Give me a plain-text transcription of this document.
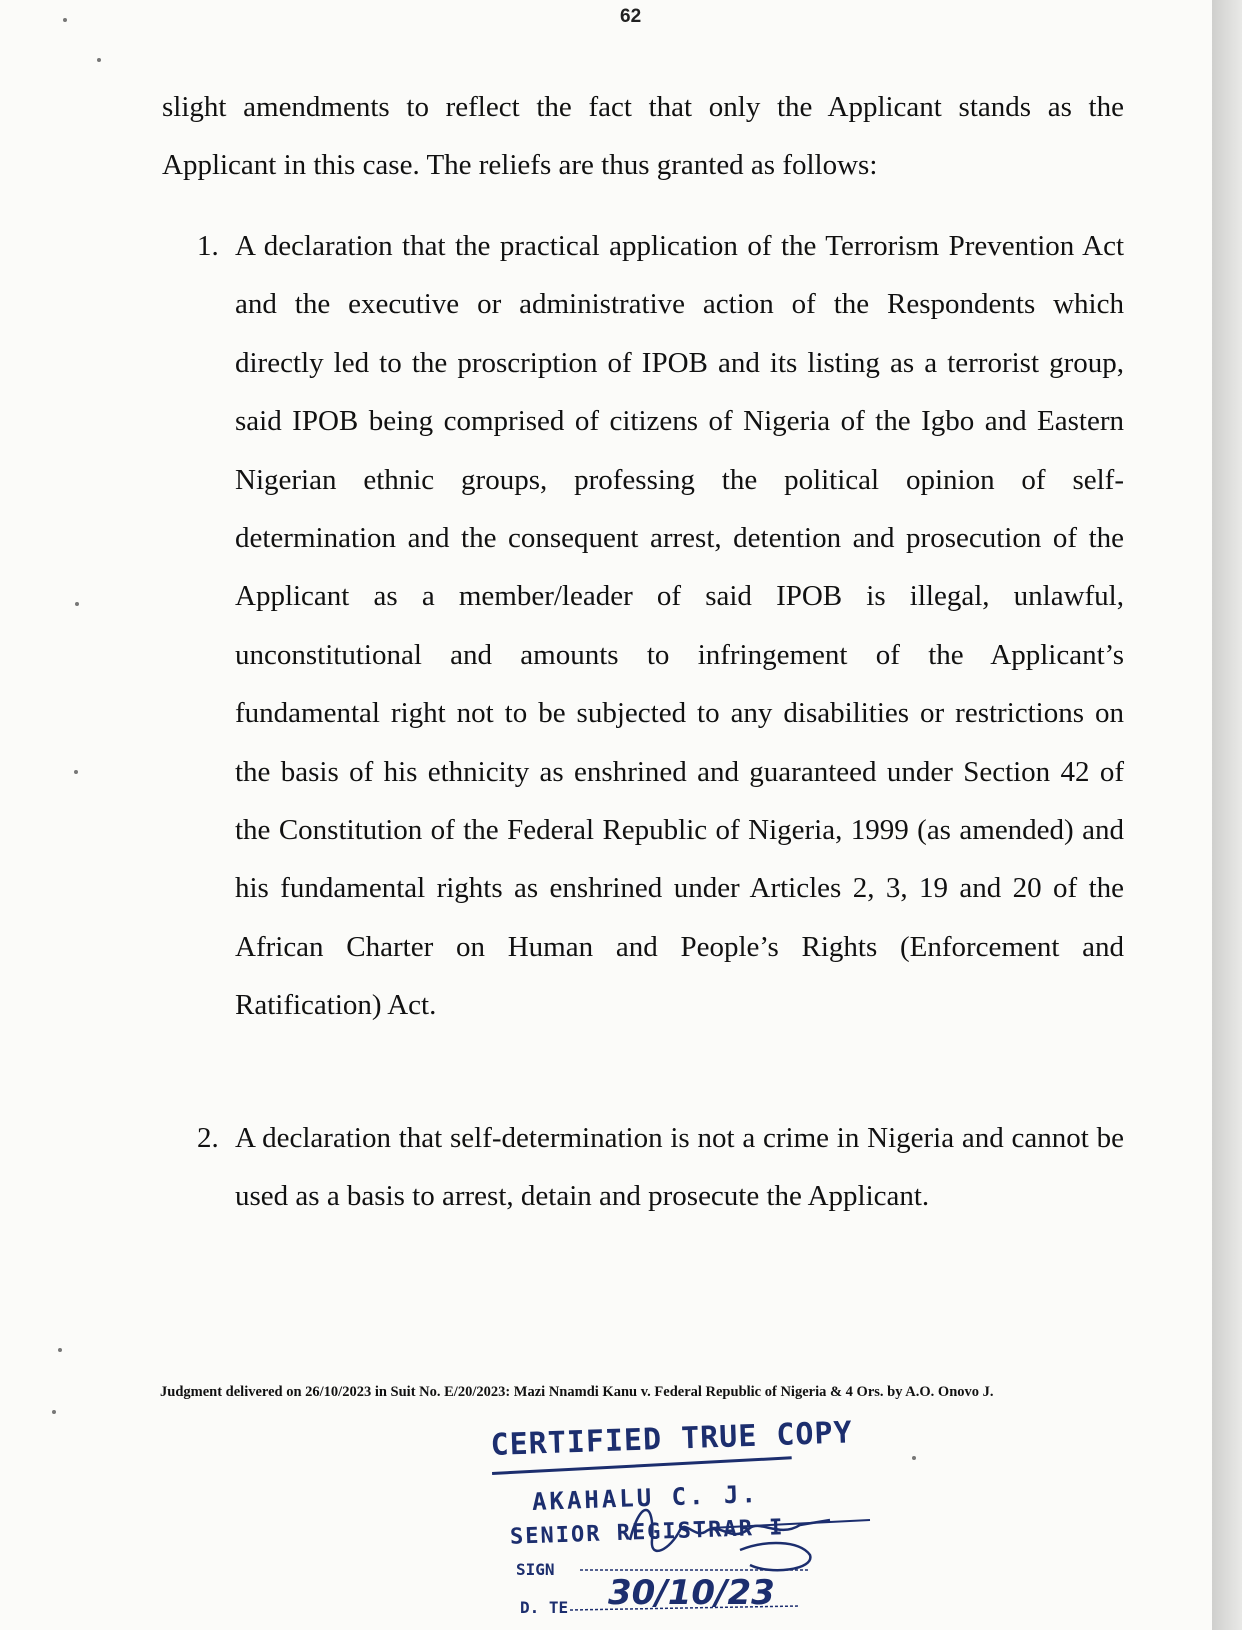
62

slight amendments to reflect the fact that only the Applicant stands as the Applicant in this case. The reliefs are thus granted as follows:

1. A declaration that the practical application of the Terrorism Prevention Act and the executive or administrative action of the Respondents which directly led to the proscription of IPOB and its listing as a terrorist group, said IPOB being comprised of citizens of Nigeria of the Igbo and Eastern Nigerian ethnic groups, professing the political opinion of self-determination and the consequent arrest, detention and prosecution of the Applicant as a member/leader of said IPOB is illegal, unlawful, unconstitutional and amounts to infringement of the Applicant’s fundamental right not to be subjected to any disabilities or restrictions on the basis of his ethnicity as enshrined and guaranteed under Section 42 of the Constitution of the Federal Republic of Nigeria, 1999 (as amended) and his fundamental rights as enshrined under Articles 2, 3, 19 and 20 of the African Charter on Human and People’s Rights (Enforcement and Ratification) Act.

2. A declaration that self-determination is not a crime in Nigeria and cannot be used as a basis to arrest, detain and prosecute the Applicant.

Judgment delivered on 26/10/2023 in Suit No. E/20/2023: Mazi Nnamdi Kanu v. Federal Republic of Nigeria & 4 Ors. by A.O. Onovo J.
CERTIFIED TRUE COPY
AKAHALU C. J.
SENIOR REGISTRAR I
SIGN
D. TE 30/10/23
